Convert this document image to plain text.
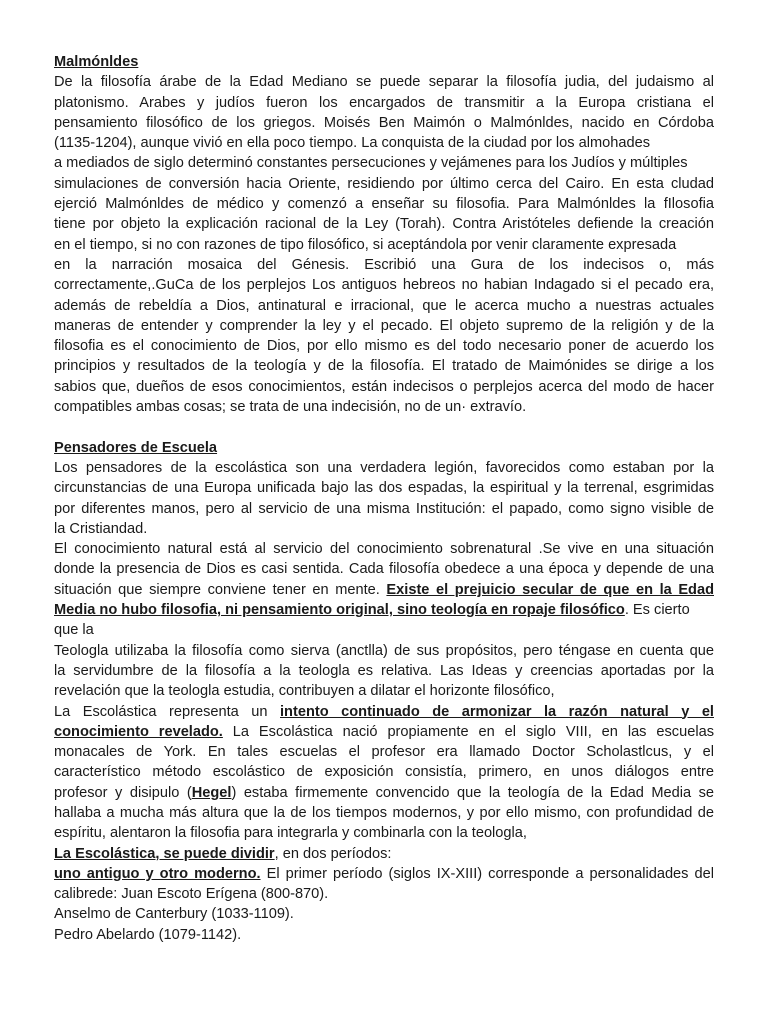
Malmónldes
De la filosofía árabe de la Edad Mediano se puede separar la filosofía judia, del judaismo al
platonismo. Arabes y judíos fueron los encargados de transmitir a la Europa cristiana el
pensamiento filosófico de los griegos. Moisés Ben Maimón o Malmónldes, nacido en Córdoba
(1135-1204), aunque vivió en ella poco tiempo. La conquista de la ciudad por los almohades
a mediados de siglo determinó constantes persecuciones y vejámenes para los Judíos y múltiples
simulaciones de conversión hacia Oriente, residiendo por último cerca del Cairo. En esta cludad
ejerció Malmónldes de médico y comenzó a enseñar su filosofia. Para Malmónldes la fIlosofia
tiene por objeto la explicación racional de la Ley (Torah). Contra Aristóteles defiende la creación
en el tiempo, si no con razones de tipo filosófico, si aceptándola por venir claramente expresada
en la narración mosaica del Génesis. Escribió una Gura de los indecisos o, más
correctamente,.GuCa de los perplejos Los antiguos hebreos no habian Indagado si el pecado era,
además de rebeldía a Dios, antinatural e irracional, que le acerca mucho a nuestras actuales
maneras de entender y comprender la ley y el pecado. El objeto supremo de la religión y de la
filosofia es el conocimiento de Dios, por ello mismo es del todo necesario poner de acuerdo los
principios y resultados de la teología y de la filosofía. El tratado de Maimónides se dirige a los
sabios que, dueños de esos conocimientos, están indecisos o perplejos acerca del modo de hacer
compatibles ambas cosas; se trata de una indecisión, no de un· extravío.
Pensadores de Escuela
Los pensadores de la escolástica son una verdadera legión, favorecidos como estaban por la
circunstancias de una Europa unificada bajo las dos espadas, la espiritual y la terrenal, esgrimidas
por diferentes manos, pero al servicio de una misma Institución: el papado, como signo visible de
la Cristiandad.
El conocimiento natural está al servicio del conocimiento sobrenatural .Se vive en una situación
donde la presencia de Dios es casi sentida. Cada filosofía obedece a una época y depende de una
situación que siempre conviene tener en mente. Existe el prejuicio secular de que en la Edad
Media no hubo filosofia, ni pensamiento original, sino teología en ropaje filosófico. Es cierto
que la
Teologla utilizaba la filosofía como sierva (anctlla) de sus propósitos, pero téngase en cuenta que
la servidumbre de la filosofía a la teologla es relativa. Las Ideas y creencias aportadas por la
revelación que la teologla estudia, contribuyen a dilatar el horizonte filosófico,
La Escolástica representa un intento continuado de armonizar la razón natural y el
conocimiento revelado. La Escolástica nació propiamente en el siglo VIII, en las escuelas
monacales de York. En tales escuelas el profesor era llamado Doctor Scholastlcus, y el
característico método escolástico de exposición consistía, primero, en unos diálogos entre
profesor y disipulo (Hegel) estaba firmemente convencido que la teología de la Edad Media se
hallaba a mucha más altura que la de los tiempos modernos, y por ello mismo, con profundidad de
espíritu, alentaron la filosofia para integrarla y combinarla con la teologla,
La Escolástica, se puede dividir, en dos períodos:
uno antiguo y otro moderno. El primer período (siglos IX-XIII) corresponde a personalidades del
calibrede: Juan Escoto Erígena (800-870).
Anselmo de Canterbury (1033-1109).
Pedro Abelardo (1079-1142).
